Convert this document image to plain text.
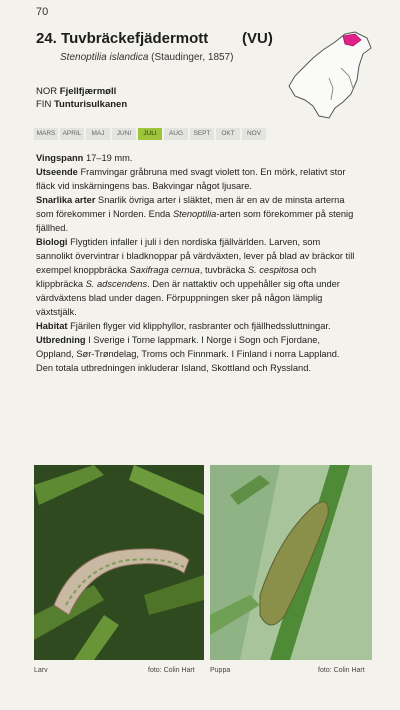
70
24. Tuvbräckefjädermott (VU)
Stenoptilia islandica (Staudinger, 1857)
NOR Fjellfjærmøll
FIN Tunturisulkanen
MARS	APRIL	MAJ	JUNI	JULI	AUG	SEPT	OKT	NOV

Vingspann 17–19 mm.

Utseende Framvingar gråbruna med svagt violett ton. En mörk, relativt stor fläck vid inskärningens bas. Bakvingar något ljusare.

Snarlika arter Snarlik övriga arter i släktet, men är en av de minsta arterna som förekommer i Norden. Enda Stenoptilia-arten som förekommer på stenig fjällhed.

Biologi Flygtiden infaller i juli i den nordiska fjällvärlden. Larven, som sannolikt övervintrar i bladknoppar på värdväxten, lever på blad av bräckor till exempel knoppbräcka Saxifraga cernua, tuvbräcka S. cespitosa och klippbräcka S. adscendens. Den är nattaktiv och uppehåller sig ofta under värdväxtens blad under dagen. Förpuppningen sker på någon lämplig växtstjälk.

Habitat Fjärilen flyger vid klipphyllor, rasbranter och fjällhedssluttningar.

Utbredning I Sverige i Torne lappmark. I Norge i Sogn och Fjordane, Oppland, Sør-Trøndelag, Troms och Finnmark. I Finland i norra Lappland. Den totala utbredningen inkluderar Island, Skottland och Ryssland.

Larv	foto: Colin Hart Puppa	foto: Colin Hart
